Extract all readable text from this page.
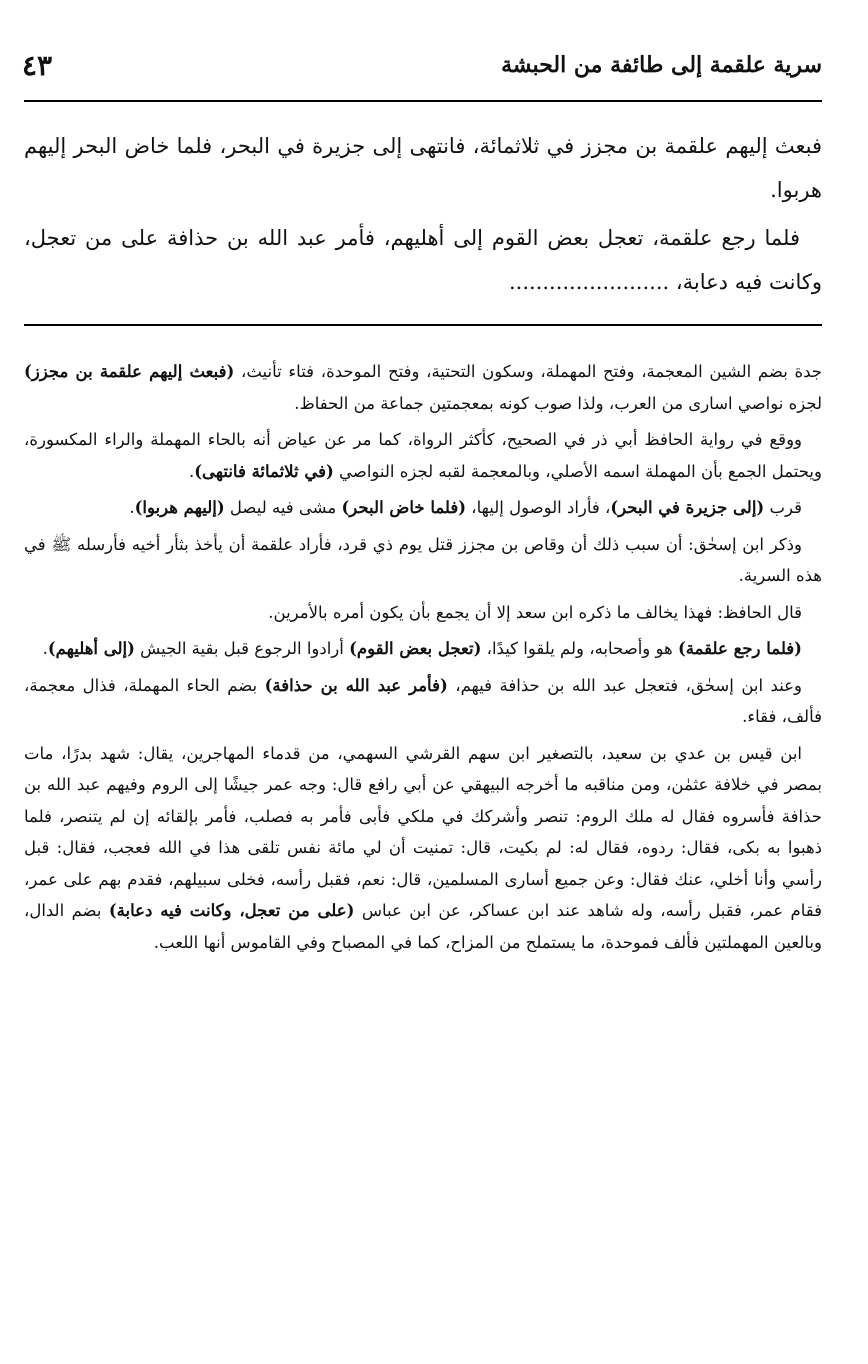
٤٣	سرية علقمة إلى طائفة من الحبشة

فبعث إليهم علقمة بن مجزز في ثلاثمائة، فانتهى إلى جزيرة في البحر، فلما خاض البحر إليهم هربوا.

فلما رجع علقمة، تعجل بعض القوم إلى أهليهم، فأمر عبد الله بن حذافة على من تعجل، وكانت فيه دعابة، ........................

جدة بضم الشين المعجمة، وفتح المهملة، وسكون التحتية، وفتح الموحدة، فتاء تأنيث، (فبعث إليهم علقمة بن مجزز) لجزه نواصي اسارى من العرب، ولذا صوب كونه بمعجمتين جماعة من الحفاظ.

ووقع في رواية الحافظ أبي ذر في الصحيح، كأكثر الرواة، كما مر عن عياض أنه بالحاء المهملة والراء المكسورة، ويحتمل الجمع بأن المهملة اسمه الأصلي، وبالمعجمة لقبه لجزه النواصي (في ثلاثمائة فانتهى).

قرب (إلى جزيرة في البحر)، فأراد الوصول إليها، (فلما خاض البحر) مشى فيه ليصل (إليهم هربوا).

وذكر ابن إسحٰق: أن سبب ذلك أن وقاص بن مجزز قتل يوم ذي قرد، فأراد علقمة أن يأخذ بثأر أخيه فأرسله ﷺ في هذه السرية.

قال الحافظ: فهذا يخالف ما ذكره ابن سعد إلا أن يجمع بأن يكون أمره بالأمرين.

(فلما رجع علقمة) هو وأصحابه، ولم يلقوا كيدًا، (تعجل بعض القوم) أرادوا الرجوع قبل بقية الجيش (إلى أهليهم).

وعند ابن إسحٰق، فتعجل عبد الله بن حذافة فيهم، (فأمر عبد الله بن حذافة) بضم الحاء المهملة، فذال معجمة، فألف، فقاء.

ابن قيس بن عدي بن سعيد، بالتصغير ابن سهم القرشي السهمي، من قدماء المهاجرين، يقال: شهد بدرًا، مات بمصر في خلافة عثمٰن، ومن مناقبه ما أخرجه البيهقي عن أبي رافع قال: وجه عمر جيشًا إلى الروم وفيهم عبد الله بن حذافة فأسروه فقال له ملك الروم: تنصر وأشركك في ملكي فأبى فأمر به فصلب، فأمر بإلقائه إن لم يتنصر، فلما ذهبوا به بكى، فقال: ردوه، فقال له: لم بكيت، قال: تمنيت أن لي مائة نفس تلقى هذا في الله فعجب، فقال: قبل رأسي وأنا أخلي، عنك فقال: وعن جميع أسارى المسلمين، قال: نعم، فقبل رأسه، فخلى سبيلهم، فقدم بهم على عمر، فقام عمر، فقبل رأسه، وله شاهد عند ابن عساكر، عن ابن عباس (على من تعجل، وكانت فيه دعابة) بضم الدال، وبالعين المهملتين فألف فموحدة، ما يستملح من المزاح، كما في المصباح وفي القاموس أنها اللعب.
